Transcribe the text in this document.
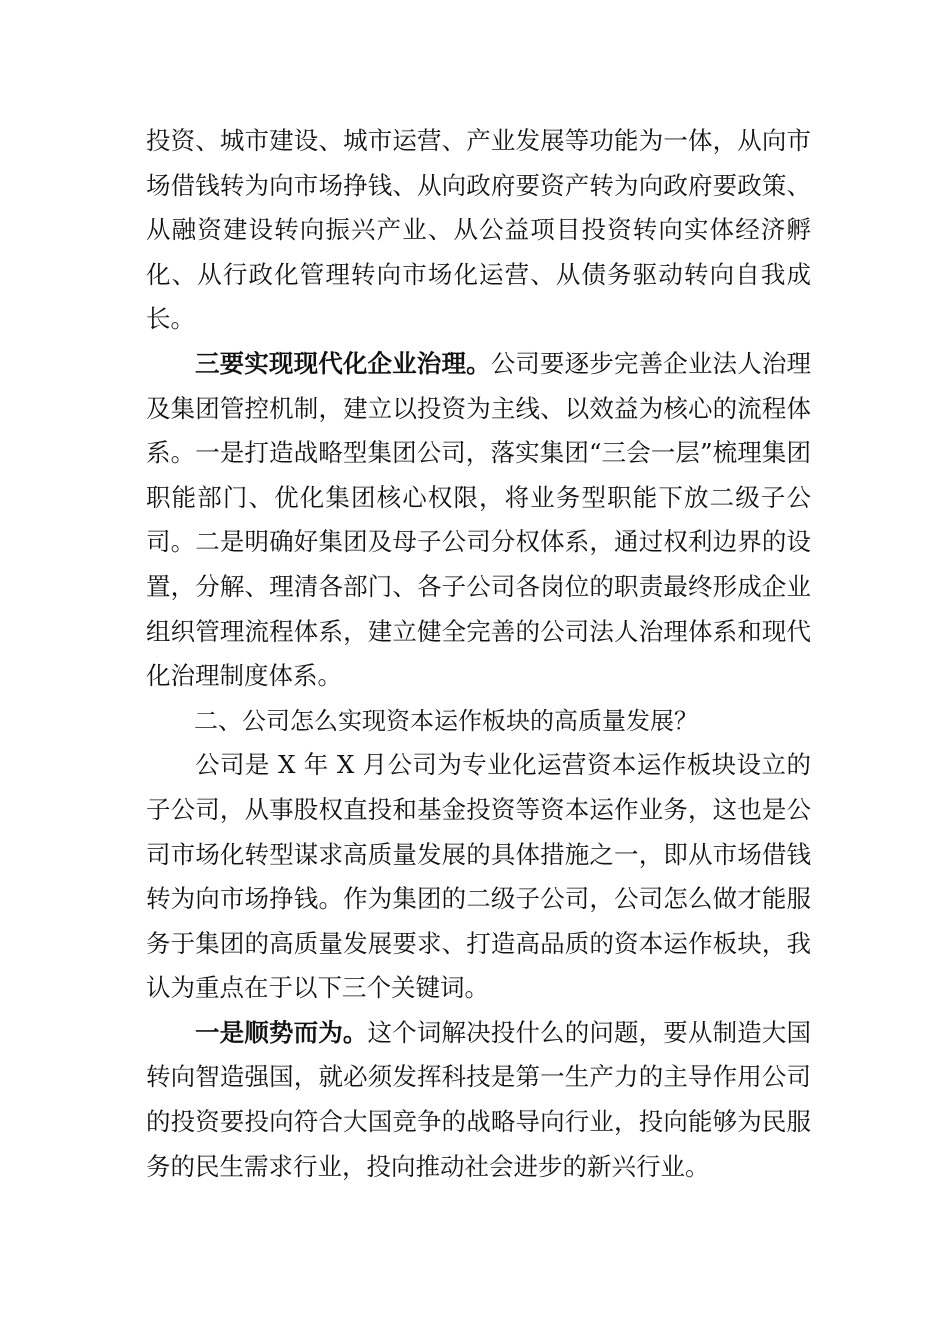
投资、城市建设、城市运营、产业发展等功能为一体，从向市场借钱转为向市场挣钱、从向政府要资产转为向政府要政策、从融资建设转向振兴产业、从公益项目投资转向实体经济孵化、从行政化管理转向市场化运营、从债务驱动转向自我成长。

三要实现现代化企业治理。公司要逐步完善企业法人治理及集团管控机制，建立以投资为主线、以效益为核心的流程体系。一是打造战略型集团公司，落实集团“三会一层”梳理集团职能部门、优化集团核心权限，将业务型职能下放二级子公司。二是明确好集团及母子公司分权体系，通过权利边界的设置，分解、理清各部门、各子公司各岗位的职责最终形成企业组织管理流程体系，建立健全完善的公司法人治理体系和现代化治理制度体系。

二、公司怎么实现资本运作板块的高质量发展？

公司是 X 年 X 月公司为专业化运营资本运作板块设立的子公司，从事股权直投和基金投资等资本运作业务，这也是公司市场化转型谋求高质量发展的具体措施之一，即从市场借钱转为向市场挣钱。作为集团的二级子公司，公司怎么做才能服务于集团的高质量发展要求、打造高品质的资本运作板块，我认为重点在于以下三个关键词。

一是顺势而为。这个词解决投什么的问题，要从制造大国转向智造强国，就必须发挥科技是第一生产力的主导作用公司的投资要投向符合大国竞争的战略导向行业，投向能够为民服务的民生需求行业，投向推动社会进步的新兴行业。
